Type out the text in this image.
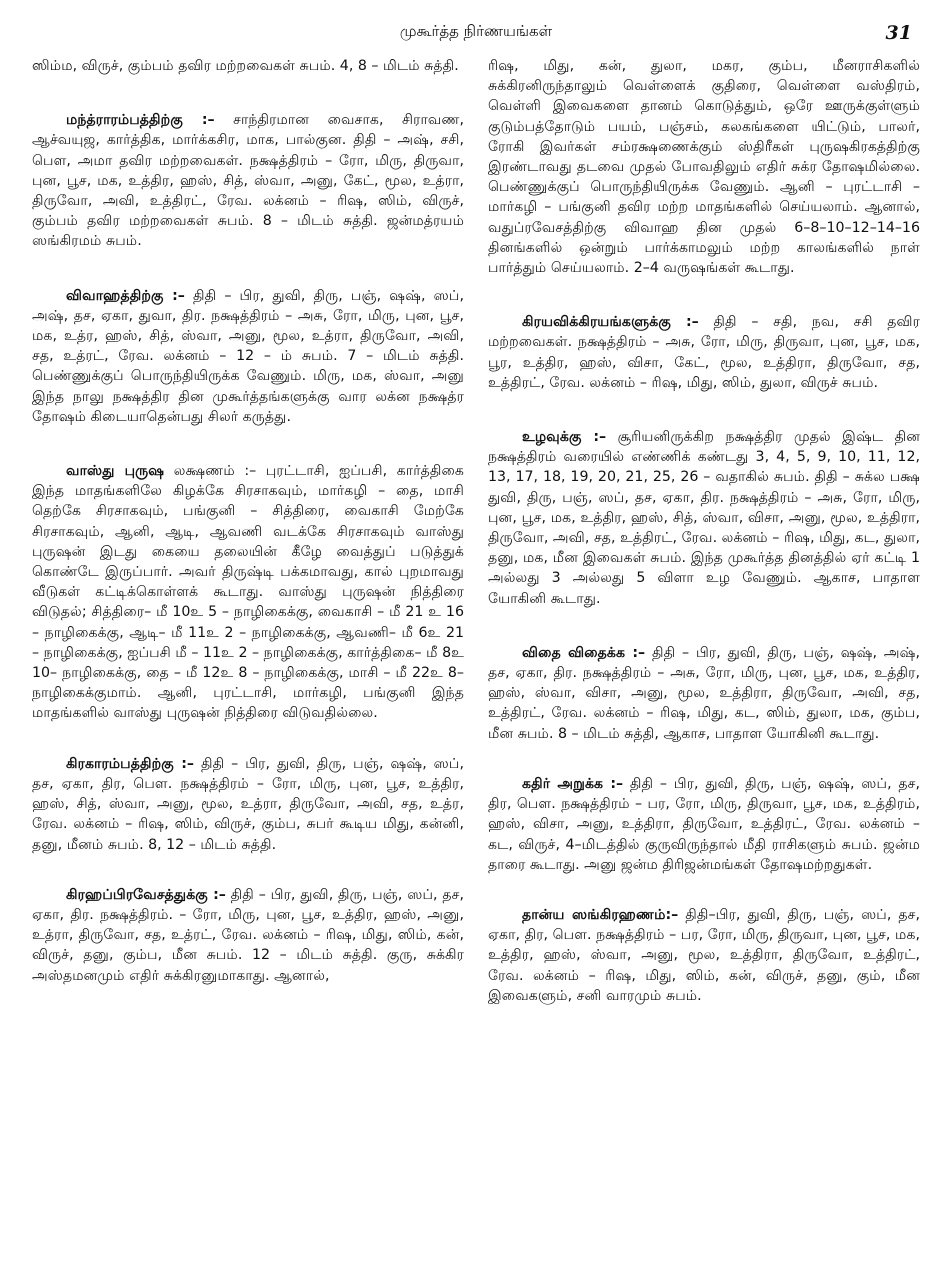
முகூர்த்த நிர்ணயங்கள்	31

ஸிம்ம, விருச், கும்பம் தவிர மற்றவைகள் சுபம். 4, 8 – மிடம் சுத்தி.

மந்த்ராரம்பத்திற்கு :– சாந்திரமான வைசாக, சிராவண, ஆச்வயுஜ, கார்த்திக, மார்க்கசிர, மாக, பால்குன. திதி – அஷ், சசி, பௌ, அமா தவிர மற்றவைகள். நக்ஷத்திரம் – ரோ, மிரு, திருவா, புன, பூச, மக, உத்திர, ஹஸ், சித், ஸ்வா, அனு, கேட், மூல, உத்ரா, திருவோ, அவி, உத்திரட், ரேவ. லக்னம் – ரிஷ, ஸிம், விருச், கும்பம் தவிர மற்றவைகள் சுபம். 8 – மிடம் சுத்தி. ஜன்மத்ரயம் ஸங்கிரமம் சுபம்.

விவாஹத்திற்கு :– திதி – பிர, துவி, திரு, பஞ், ஷஷ், ஸப், அஷ், தச, ஏகா, துவா, திர. நக்ஷத்திரம் – அசு, ரோ, மிரு, புன, பூச, மக, உத்ர, ஹஸ், சித், ஸ்வா, அனு, மூல, உத்ரா, திருவோ, அவி, சத, உத்ரட், ரேவ. லக்னம் – 12 – ம் சுபம். 7 – மிடம் சுத்தி. பெண்ணுக்குப் பொருந்தியிருக்க வேணும். மிரு, மக, ஸ்வா, அனு இந்த நாலு நக்ஷத்திர தின முகூர்த்தங்களுக்கு வார லக்ன நக்ஷத்ர தோஷம் கிடையாதென்பது சிலர் கருத்து.

வாஸ்து புருஷ லக்ஷணம் :– புரட்டாசி, ஐப்பசி, கார்த்திகை இந்த மாதங்களிலே கிழக்கே சிரசாகவும், மார்கழி – தை, மாசி தெற்கே சிரசாகவும், பங்குனி – சித்திரை, வைகாசி மேற்கே சிரசாகவும், ஆனி, ஆடி, ஆவணி வடக்கே சிரசாகவும் வாஸ்து புருஷன் இடது கையை தலையின் கீழே வைத்துப் படுத்துக் கொண்டே இருப்பார். அவர் திருஷ்டி பக்கமாவது, கால் புறமாவது வீடுகள் கட்டிக்கொள்ளக் கூடாது. வாஸ்து புருஷன் நித்திரை விடுதல்; சித்திரை– மீ 10உ 5 – நாழிகைக்கு, வைகாசி – மீ 21 உ 16 – நாழிகைக்கு, ஆடி– மீ 11உ 2 – நாழிகைக்கு, ஆவணி– மீ 6உ 21 – நாழிகைக்கு, ஐப்பசி மீ – 11உ 2 – நாழிகைக்கு, கார்த்திகை– மீ 8உ 10– நாழிகைக்கு, தை – மீ 12உ 8 – நாழிகைக்கு, மாசி – மீ 22உ 8–நாழிகைக்குமாம். ஆனி, புரட்டாசி, மார்கழி, பங்குனி இந்த மாதங்களில் வாஸ்து புருஷன் நித்திரை விடுவதில்லை.

கிரகாரம்பத்திற்கு :– திதி – பிர, துவி, திரு, பஞ், ஷஷ், ஸப், தச, ஏகா, திர, பௌ. நக்ஷத்திரம் – ரோ, மிரு, புன, பூச, உத்திர, ஹஸ், சித், ஸ்வா, அனு, மூல, உத்ரா, திருவோ, அவி, சத, உத்ர, ரேவ. லக்னம் – ரிஷ, ஸிம், விருச், கும்ப, சுபர் கூடிய மிது, கன்னி, தனு, மீனம் சுபம். 8, 12 – மிடம் சுத்தி.

கிரஹப்பிரவேசத்துக்கு :– திதி – பிர, துவி, திரு, பஞ், ஸப், தச, ஏகா, திர. நக்ஷத்திரம். – ரோ, மிரு, புன, பூச, உத்திர, ஹஸ், அனு, உத்ரா, திருவோ, சத, உத்ரட், ரேவ. லக்னம் – ரிஷ, மிது, ஸிம், கன், விருச், தனு, கும்ப, மீன சுபம். 12 – மிடம் சுத்தி. குரு, சுக்கிர அஸ்தமனமும் எதிர் சுக்கிரனுமாகாது. ஆனால்,

ரிஷ, மிது, கன், துலா, மகர, கும்ப, மீனராசிகளில் சுக்கிரனிருந்தாலும் வெள்ளைக் குதிரை, வெள்ளை வஸ்திரம், வெள்ளி இவைகளை தானம் கொடுத்தும், ஒரே ஊருக்குள்ளும் குடும்பத்தோடும் பயம், பஞ்சம், கலகங்களை யிட்டும், பாலர், ரோகி இவர்கள் சம்ரக்ஷணைக்கும் ஸ்திரீகள் புருஷகிரகத்திற்கு இரண்டாவது தடவை முதல் போவதிலும் எதிர் சுக்ர தோஷமில்லை. பெண்ணுக்குப் பொருந்தியிருக்க வேணும். ஆனி – புரட்டாசி – மார்கழி – பங்குனி தவிர மற்ற மாதங்களில் செய்யலாம். ஆனால், வதுப்ரவேசத்திற்கு விவாஹ தின முதல் 6–8–10–12–14–16 தினங்களில் ஒன்றும் பார்க்காமலும் மற்ற காலங்களில் நாள் பார்த்தும் செய்யலாம். 2–4 வருஷங்கள் கூடாது.

கிரயவிக்கிரயங்களுக்கு :– திதி – சதி, நவ, சசி தவிர மற்றவைகள். நக்ஷத்திரம் – அசு, ரோ, மிரு, திருவா, புன, பூச, மக, பூர, உத்திர, ஹஸ், விசா, கேட், மூல, உத்திரா, திருவோ, சத, உத்திரட், ரேவ. லக்னம் – ரிஷ, மிது, ஸிம், துலா, விருச் சுபம்.

உழவுக்கு :– சூரியனிருக்கிற நக்ஷத்திர முதல் இஷ்ட தின நக்ஷத்திரம் வரையில் எண்ணிக் கண்டது 3, 4, 5, 9, 10, 11, 12, 13, 17, 18, 19, 20, 21, 25, 26 – வதாகில் சுபம். திதி – சுக்ல பக்ஷ துவி, திரு, பஞ், ஸப், தச, ஏகா, திர. நக்ஷத்திரம் – அசு, ரோ, மிரு, புன, பூச, மக, உத்திர, ஹஸ், சித், ஸ்வா, விசா, அனு, மூல, உத்திரா, திருவோ, அவி, சத, உத்திரட், ரேவ. லக்னம் – ரிஷ, மிது, கட, துலா, தனு, மக, மீன இவைகள் சுபம். இந்த முகூர்த்த தினத்தில் ஏர் கட்டி 1 அல்லது 3 அல்லது 5 விளா உழ வேணும். ஆகாச, பாதாள யோகினி கூடாது.

விதை விதைக்க :– திதி – பிர, துவி, திரு, பஞ், ஷஷ், அஷ், தச, ஏகா, திர. நக்ஷத்திரம் – அசு, ரோ, மிரு, புன, பூச, மக, உத்திர, ஹஸ், ஸ்வா, விசா, அனு, மூல, உத்திரா, திருவோ, அவி, சத, உத்திரட், ரேவ. லக்னம் – ரிஷ, மிது, கட, ஸிம், துலா, மக, கும்ப, மீன சுபம். 8 – மிடம் சுத்தி, ஆகாச, பாதாள யோகினி கூடாது.

கதிர் அறுக்க :– திதி – பிர, துவி, திரு, பஞ், ஷஷ், ஸப், தச, திர, பௌ. நக்ஷத்திரம் – பர, ரோ, மிரு, திருவா, பூச, மக, உத்திரம், ஹஸ், விசா, அனு, உத்திரா, திருவோ, உத்திரட், ரேவ. லக்னம் – கட, விருச், 4–மிடத்தில் குருவிருந்தால் மீதி ராசிகளும் சுபம். ஜன்ம தாரை கூடாது. அனு ஜன்ம திரிஜன்மங்கள் தோஷமற்றதுகள்.

தான்ய ஸங்கிரஹணம்:– திதி–பிர, துவி, திரு, பஞ், ஸப், தச, ஏகா, திர, பௌ. நக்ஷத்திரம் – பர, ரோ, மிரு, திருவா, புன, பூச, மக, உத்திர, ஹஸ், ஸ்வா, அனு, மூல, உத்திரா, திருவோ, உத்திரட், ரேவ. லக்னம் – ரிஷ, மிது, ஸிம், கன், விருச், தனு, கும், மீன இவைகளும், சனி வாரமும் சுபம்.
